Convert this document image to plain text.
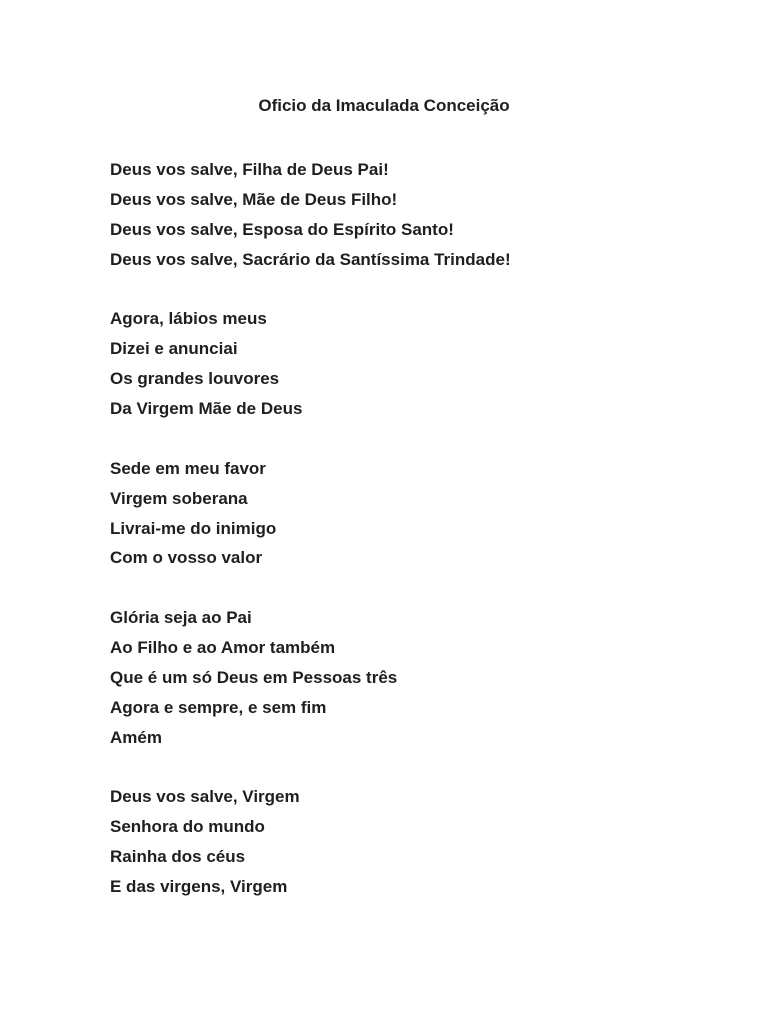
Oficio da Imaculada Conceição
Deus vos salve, Filha de Deus Pai!
Deus vos salve, Mãe de Deus Filho!
Deus vos salve, Esposa do Espírito Santo!
Deus vos salve, Sacrário da Santíssima Trindade!
Agora, lábios meus
Dizei e anunciai
Os grandes louvores
Da Virgem Mãe de Deus
Sede em meu favor
Virgem soberana
Livrai-me do inimigo
Com o vosso valor
Glória seja ao Pai
Ao Filho e ao Amor também
Que é um só Deus em Pessoas três
Agora e sempre, e sem fim
Amém
Deus vos salve, Virgem
Senhora do mundo
Rainha dos céus
E das virgens, Virgem
